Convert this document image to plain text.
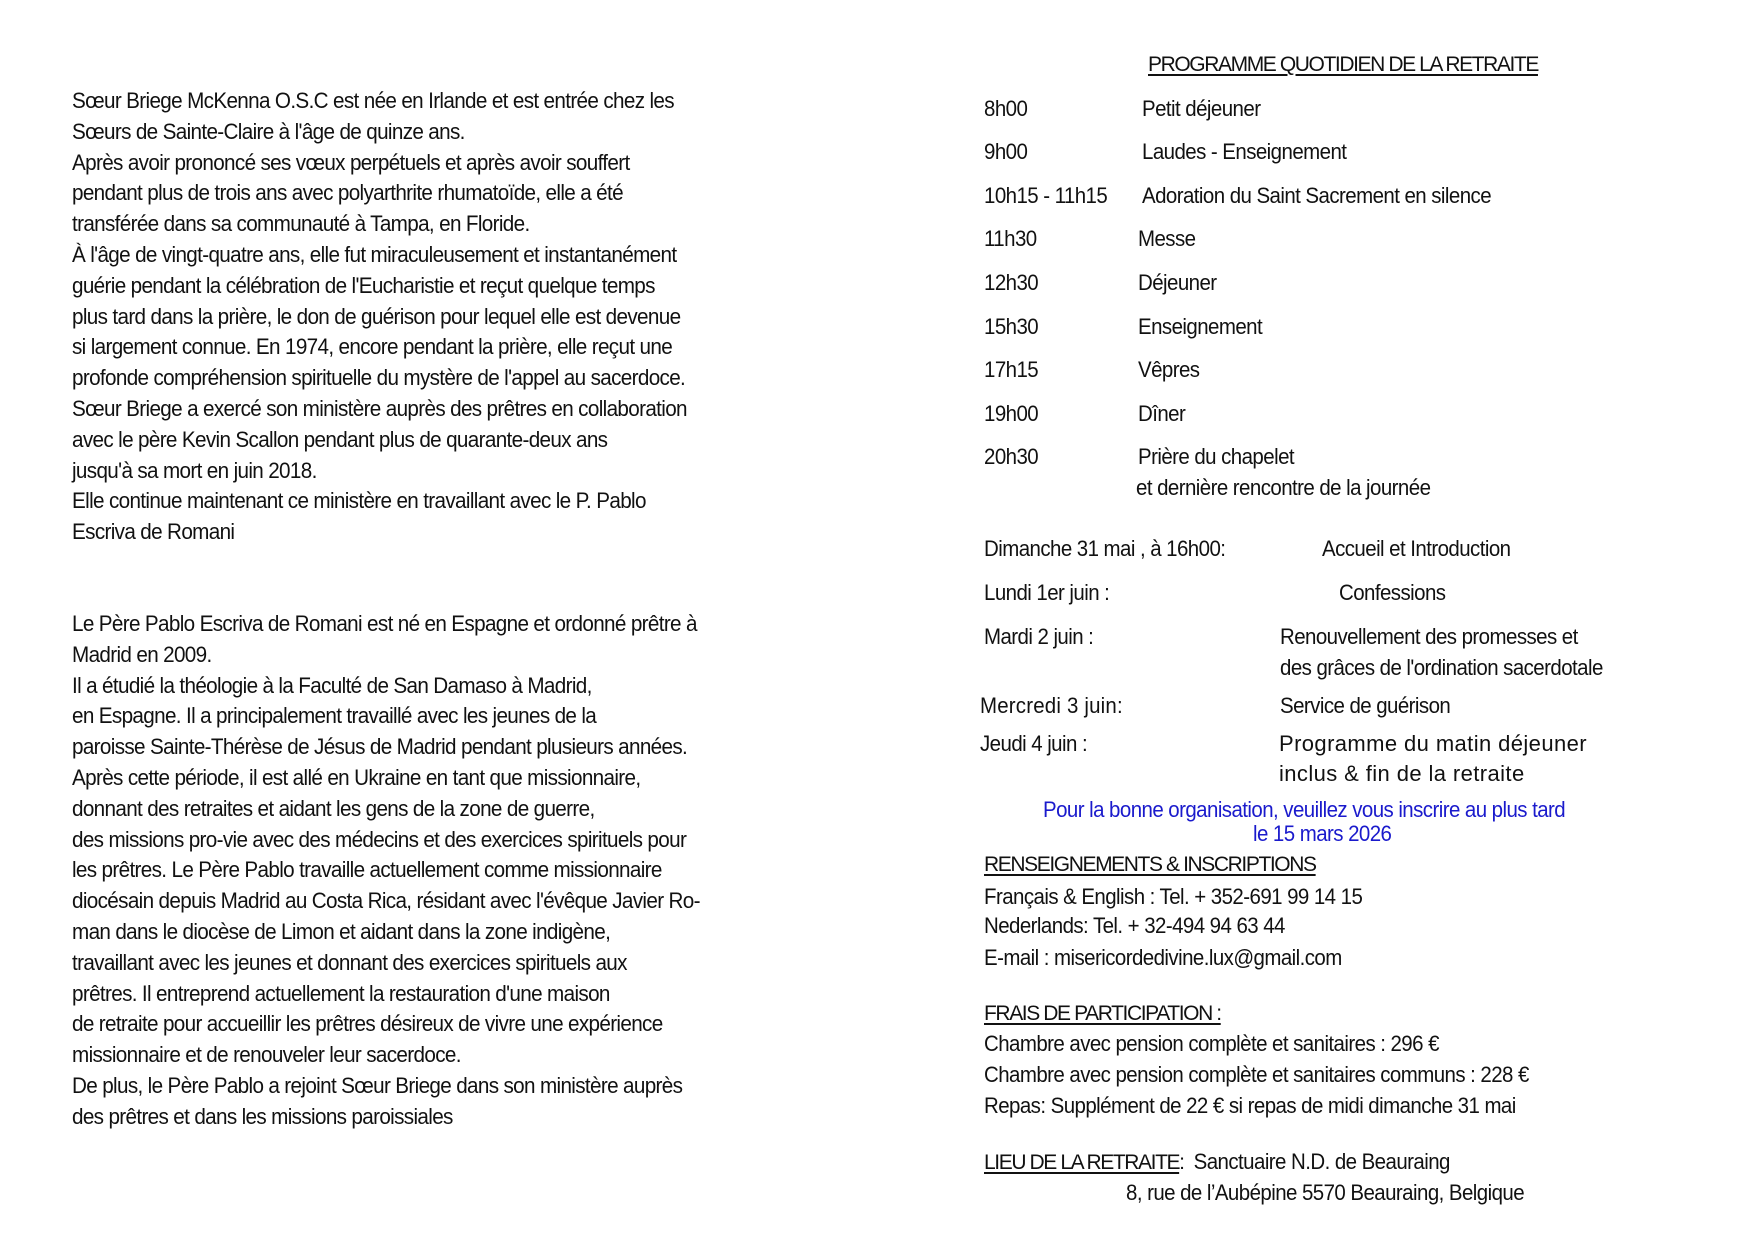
Sœur Briege McKenna O.S.C est née en Irlande et est entrée chez les
Sœurs de Sainte-Claire à l'âge de quinze ans.
Après avoir prononcé ses vœux perpétuels et après avoir souffert
pendant plus de trois ans avec polyarthrite rhumatoïde, elle a été
transférée dans sa communauté à Tampa, en Floride.
À l'âge de vingt-quatre ans, elle fut miraculeusement et instantanément
guérie pendant la célébration de l'Eucharistie et reçut quelque temps
plus tard dans la prière, le don de guérison pour lequel elle est devenue
si largement connue. En 1974, encore pendant la prière, elle reçut une
profonde compréhension spirituelle du mystère de l'appel au sacerdoce.
Sœur Briege a exercé son ministère auprès des prêtres en collaboration
avec le père Kevin Scallon pendant plus de quarante-deux ans
jusqu'à sa mort en juin 2018.
Elle continue maintenant ce ministère en travaillant avec le P. Pablo
Escriva de Romani
Le Père Pablo Escriva de Romani est né en Espagne et ordonné prêtre à
Madrid en 2009.
Il a étudié la théologie à la Faculté de San Damaso à Madrid,
en Espagne. Il a principalement travaillé avec les jeunes de la
paroisse Sainte-Thérèse de Jésus de Madrid pendant plusieurs années.
Après cette période, il est allé en Ukraine en tant que missionnaire,
donnant des retraites et aidant les gens de la zone de guerre,
des missions pro-vie avec des médecins et des exercices spirituels pour
les prêtres. Le Père Pablo travaille actuellement comme missionnaire
diocésain depuis Madrid au Costa Rica, résidant avec l'évêque Javier Ro-
man dans le diocèse de Limon et aidant dans la zone indigène,
travaillant avec les jeunes et donnant des exercices spirituels aux
prêtres. Il entreprend actuellement la restauration d'une maison
de retraite pour accueillir les prêtres désireux de vivre une expérience
missionnaire et de renouveler leur sacerdoce.
De plus, le Père Pablo a rejoint Sœur Briege dans son ministère auprès
des prêtres et dans les missions paroissiales
PROGRAMME QUOTIDIEN DE LA RETRAITE
8h00	Petit déjeuner
9h00	Laudes - Enseignement
10h15 - 11h15 Adoration du Saint Sacrement en silence
11h30	Messe
12h30	Déjeuner
15h30	Enseignement
17h15	Vêpres
19h00	Dîner
20h30	Prière du chapelet
et dernière rencontre de la journée
Dimanche 31 mai , à 16h00:	Accueil et Introduction
Lundi 1er juin :	Confessions
Mardi 2 juin :	Renouvellement des promesses et
des grâces de l'ordination sacerdotale
Mercredi 3 juin:	Service de guérison
Jeudi 4 juin :	Programme du matin déjeuner
inclus & fin de la retraite
Pour la bonne organisation, veuillez vous inscrire au plus tard
le 15 mars 2026
RENSEIGNEMENTS & INSCRIPTIONS
Français & English : Tel. + 352-691 99 14 15
Nederlands: Tel. + 32-494 94 63 44
E-mail : misericordedivine.lux@gmail.com
FRAIS DE PARTICIPATION :
Chambre avec pension complète et sanitaires : 296 €
Chambre avec pension complète et sanitaires communs : 228 €
Repas: Supplément de 22 € si repas de midi dimanche 31 mai
LIEU DE LA RETRAITE: Sanctuaire N.D. de Beauraing
8, rue de l’Aubépine 5570 Beauraing, Belgique
